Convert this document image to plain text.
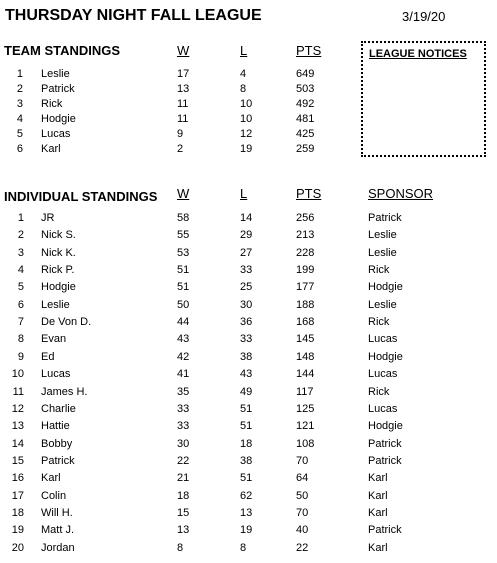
THURSDAY NIGHT FALL LEAGUE	3/19/20
TEAM STANDINGS	W	L	PTS
1 Leslie	17	4	649
2 Patrick	13	8	503
3 Rick	11	10	492
4 Hodgie	11	10	481
5 Lucas	9	12	425
6 Karl	2	19	259
LEAGUE NOTICES
INDIVIDUAL STANDINGS W	L	PTS	SPONSOR
1 JR	58	14	256	Patrick
2 Nick S.	55	29	213	Leslie
3 Nick K.	53	27	228	Leslie
4 Rick P.	51	33	199	Rick
5 Hodgie	51	25	177	Hodgie
6 Leslie	50	30	188	Leslie
7 De Von D.	44	36	168	Rick
8 Evan	43	33	145	Lucas
9 Ed	42	38	148	Hodgie
10 Lucas	41	43	144	Lucas
11 James H.	35	49	117	Rick
12 Charlie	33	51	125	Lucas
13 Hattie	33	51	121	Hodgie
14 Bobby	30	18	108	Patrick
15 Patrick	22	38	70	Patrick
16 Karl	21	51	64	Karl
17 Colin	18	62	50	Karl
18 Will H.	15	13	70	Karl
19 Matt J.	13	19	40	Patrick
20 Jordan	8	8	22	Karl
